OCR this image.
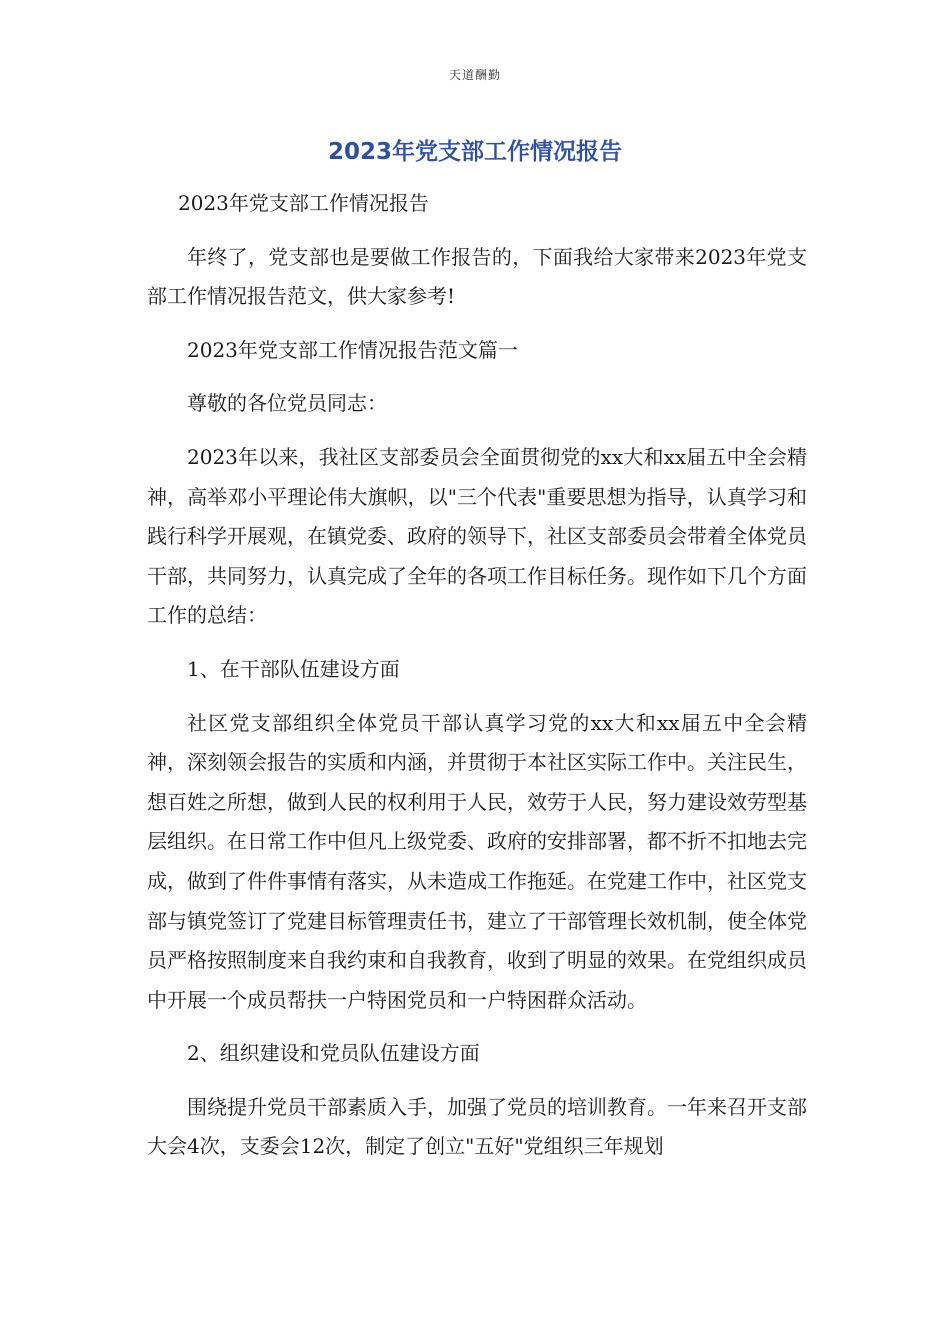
天道酬勤
2023年党支部工作情况报告

2023年党支部工作情况报告

年终了，党支部也是要做工作报告的，下面我给大家带来2023年党支部工作情况报告范文，供大家参考!

2023年党支部工作情况报告范文篇一

尊敬的各位党员同志：

2023年以来，我社区支部委员会全面贯彻党的xx大和xx届五中全会精神，高举邓小平理论伟大旗帜，以"三个代表"重要思想为指导，认真学习和践行科学开展观，在镇党委、政府的领导下，社区支部委员会带着全体党员干部，共同努力，认真完成了全年的各项工作目标任务。现作如下几个方面工作的总结：

1、在干部队伍建设方面

社区党支部组织全体党员干部认真学习党的xx大和xx届五中全会精神，深刻领会报告的实质和内涵，并贯彻于本社区实际工作中。关注民生，想百姓之所想，做到人民的权利用于人民，效劳于人民，努力建设效劳型基层组织。在日常工作中但凡上级党委、政府的安排部署，都不折不扣地去完成，做到了件件事情有落实，从未造成工作拖延。在党建工作中，社区党支部与镇党签订了党建目标管理责任书，建立了干部管理长效机制，使全体党员严格按照制度来自我约束和自我教育，收到了明显的效果。在党组织成员中开展一个成员帮扶一户特困党员和一户特困群众活动。

2、组织建设和党员队伍建设方面

围绕提升党员干部素质入手，加强了党员的培训教育。一年来召开支部大会4次，支委会12次，制定了创立"五好"党组织三年规划
